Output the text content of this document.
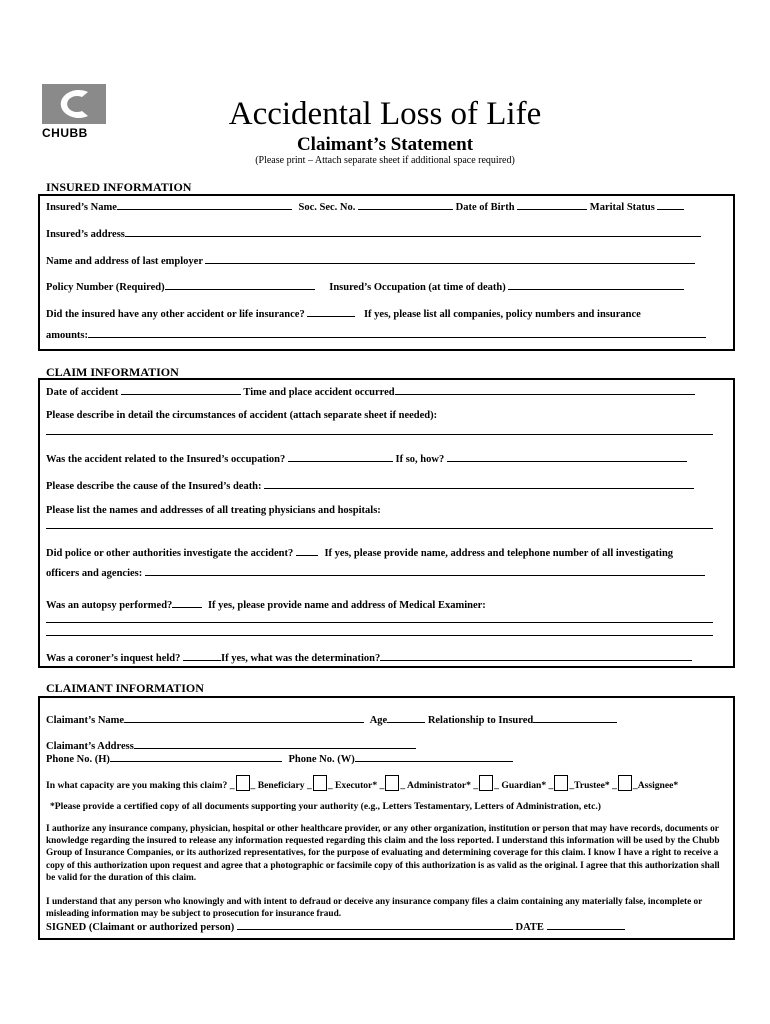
CHUBB
Accidental Loss of Life
Claimant’s Statement
(Please print – Attach separate sheet if additional space required)
INSURED INFORMATION
Insured’s Name	Soc. Sec. No.	Date of Birth	Marital Status
Insured’s address
Name and address of last employer
Policy Number (Required)	Insured’s Occupation (at time of death)
Did the insured have any other accident or life insurance?	If yes, please list all companies, policy numbers and insurance
amounts:
CLAIM INFORMATION
Date of accident	Time and place accident occurred
Please describe in detail the circumstances of accident (attach separate sheet if needed):
Was the accident related to the Insured’s occupation?	If so, how?
Please describe the cause of the Insured’s death:
Please list the names and addresses of all treating physicians and hospitals:
Did police or other authorities investigate the accident?	If yes, please provide name, address and telephone number of all investigating
officers and agencies:
Was an autopsy performed?	If yes, please provide name and address of Medical Examiner:
Was a coroner’s inquest held?	If yes, what was the determination?
CLAIMANT INFORMATION
Claimant’s Name	Age	Relationship to Insured
Claimant’s Address
Phone No. (H)	Phone No. (W)
In what capacity are you making this claim? _ _ Beneficiary _ _ Executor* _ _ Administrator* _ _ Guardian* _ _Trustee* _ _Assignee*
*Please provide a certified copy of all documents supporting your authority (e.g., Letters Testamentary, Letters of Administration, etc.)
I authorize any insurance company, physician, hospital or other healthcare provider, or any other organization, institution or person that may have records, documents or knowledge regarding the insured to release any information requested regarding this claim and the loss reported. I understand this information will be used by the Chubb Group of Insurance Companies, or its authorized representatives, for the purpose of evaluating and determining coverage for this claim. I know I have a right to receive a copy of this authorization upon request and agree that a photographic or facsimile copy of this authorization is as valid as the original. I agree that this authorization shall be valid for the duration of this claim.
I understand that any person who knowingly and with intent to defraud or deceive any insurance company files a claim containing any materially false, incomplete or misleading information may be subject to prosecution for insurance fraud.
SIGNED (Claimant or authorized person)	DATE
